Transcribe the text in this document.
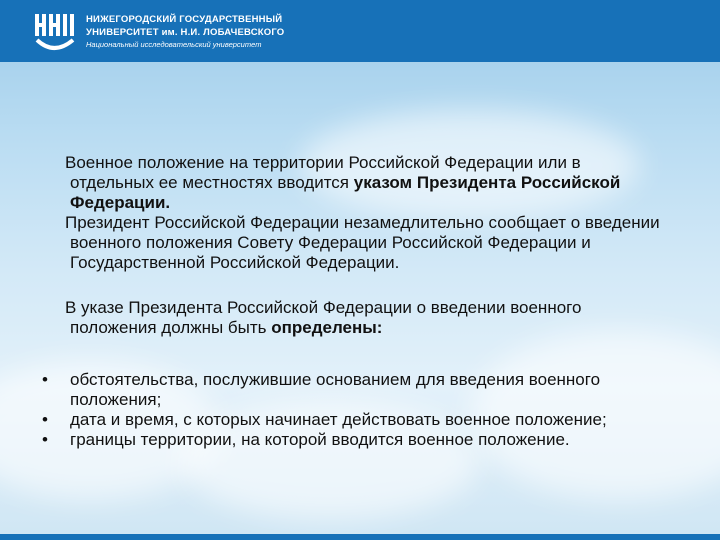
НИЖЕГОРОДСКИЙ ГОСУДАРСТВЕННЫЙ
УНИВЕРСИТЕТ им. Н.И. ЛОБАЧЕВСКОГО
Национальный исследовательский университет

Военное положение на территории Российской Федерации или в отдельных ее местностях вводится указом Президента Российской Федерации.

Президент Российской Федерации незамедлительно сообщает о введении военного положения Совету Федерации Российской Федерации и Государственной Российской Федерации.

В указе Президента Российской Федерации о введении военного положения должны быть определены:

• обстоятельства, послужившие основанием для введения военного положения;
• дата и время, с которых начинает действовать военное положение;
• границы территории, на которой вводится военное положение.
